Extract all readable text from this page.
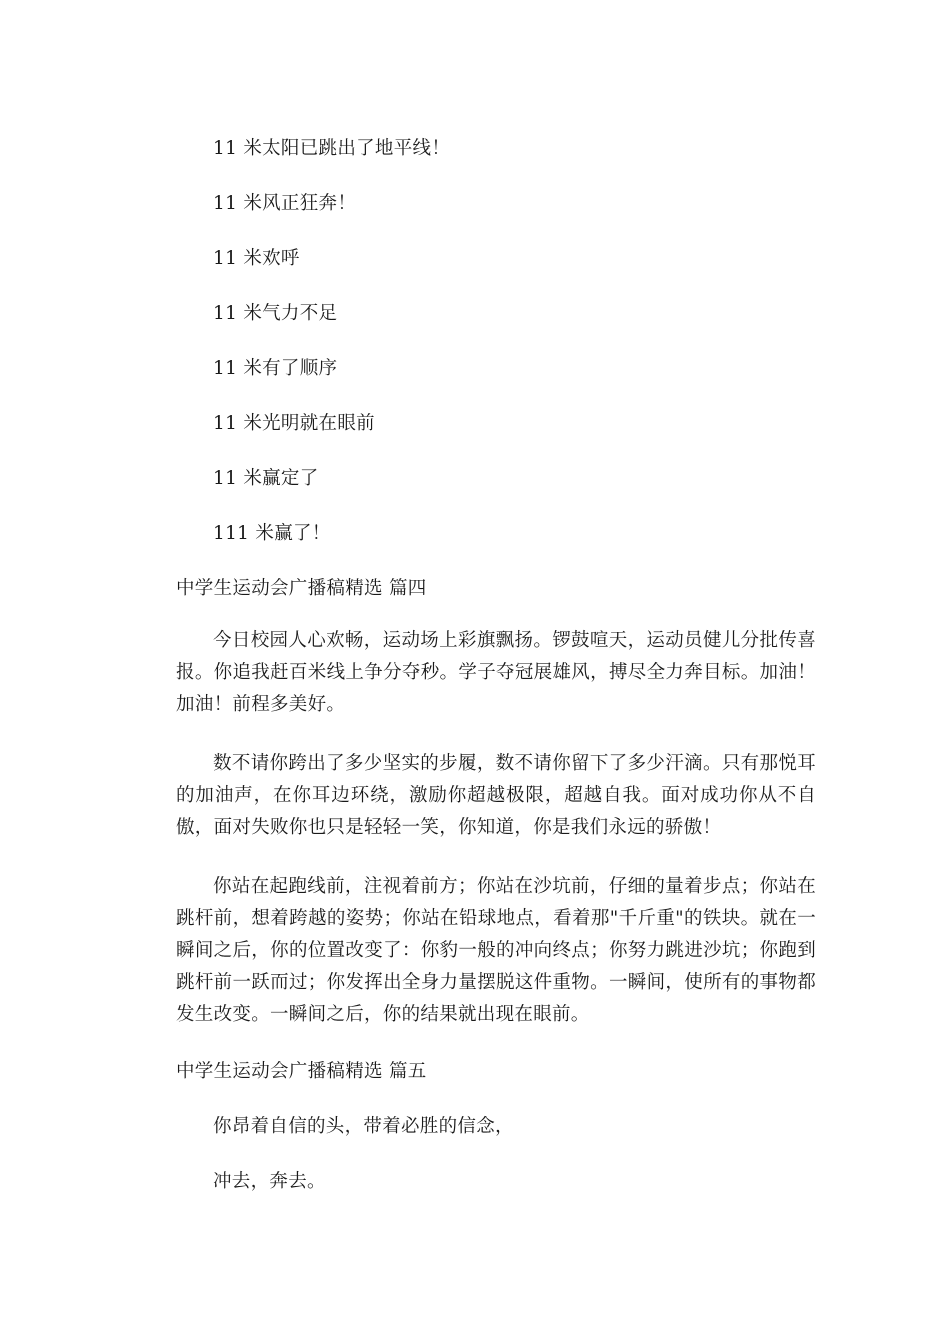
11 米太阳已跳出了地平线！
11 米风正狂奔！
11 米欢呼
11 米气力不足
11 米有了顺序
11 米光明就在眼前
11 米赢定了
111 米赢了！
中学生运动会广播稿精选 篇四
今日校园人心欢畅，运动场上彩旗飘扬。锣鼓喧天，运动员健儿分批传喜报。你追我赶百米线上争分夺秒。学子夺冠展雄风，搏尽全力奔目标。加油！加油！前程多美好。
数不请你跨出了多少坚实的步履，数不请你留下了多少汗滴。只有那悦耳的加油声，在你耳边环绕，激励你超越极限，超越自我。面对成功你从不自傲，面对失败你也只是轻轻一笑，你知道，你是我们永远的骄傲！
你站在起跑线前，注视着前方；你站在沙坑前，仔细的量着步点；你站在跳杆前，想着跨越的姿势；你站在铅球地点，看着那"千斤重"的铁块。就在一瞬间之后，你的位置改变了：你豹一般的冲向终点；你努力跳进沙坑；你跑到跳杆前一跃而过；你发挥出全身力量摆脱这件重物。一瞬间，使所有的事物都发生改变。一瞬间之后，你的结果就出现在眼前。
中学生运动会广播稿精选 篇五
你昂着自信的头，带着必胜的信念，
冲去，奔去。
